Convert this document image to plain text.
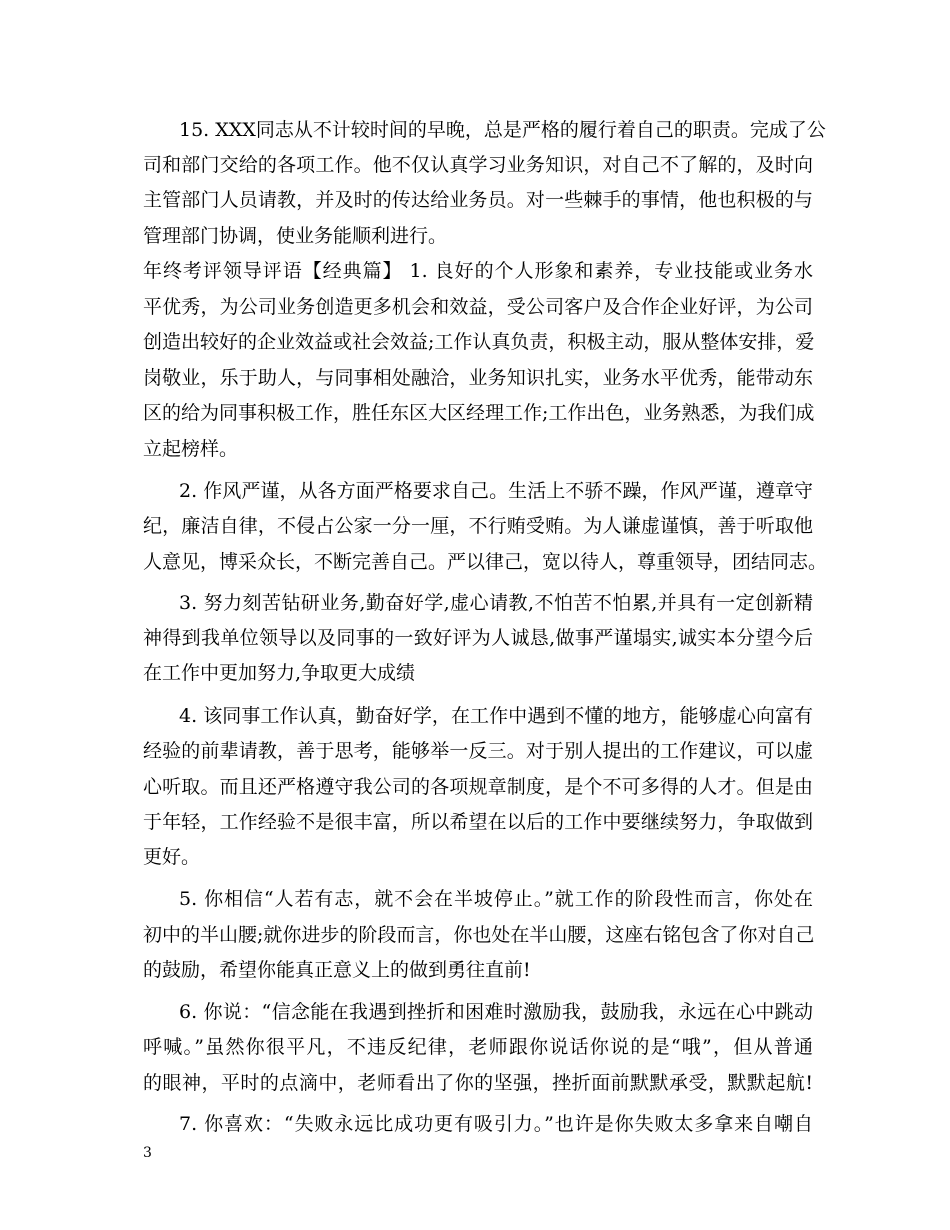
15. XXX同志从不计较时间的早晚，总是严格的履行着自己的职责。完成了公
司和部门交给的各项工作。他不仅认真学习业务知识，对自己不了解的，及时向
主管部门人员请教，并及时的传达给业务员。对一些棘手的事情，他也积极的与
管理部门协调，使业务能顺利进行。
年终考评领导评语【经典篇】 1. 良好的个人形象和素养，专业技能或业务水
平优秀，为公司业务创造更多机会和效益，受公司客户及合作企业好评，为公司
创造出较好的企业效益或社会效益;工作认真负责，积极主动，服从整体安排，爱
岗敬业，乐于助人，与同事相处融洽，业务知识扎实，业务水平优秀，能带动东
区的给为同事积极工作，胜任东区大区经理工作;工作出色，业务熟悉，为我们成
立起榜样。
2. 作风严谨，从各方面严格要求自己。生活上不骄不躁，作风严谨，遵章守
纪，廉洁自律，不侵占公家一分一厘，不行贿受贿。为人谦虚谨慎，善于听取他
人意见，博采众长，不断完善自己。严以律己，宽以待人，尊重领导，团结同志。
3. 努力刻苦钻研业务,勤奋好学,虚心请教,不怕苦不怕累,并具有一定创新精
神得到我单位领导以及同事的一致好评为人诚恳,做事严谨塌实,诚实本分望今后
在工作中更加努力,争取更大成绩
4. 该同事工作认真，勤奋好学，在工作中遇到不懂的地方，能够虚心向富有
经验的前辈请教，善于思考，能够举一反三。对于别人提出的工作建议，可以虚
心听取。而且还严格遵守我公司的各项规章制度，是个不可多得的人才。但是由
于年轻，工作经验不是很丰富，所以希望在以后的工作中要继续努力，争取做到
更好。
5. 你相信“人若有志，就不会在半坡停止。”就工作的阶段性而言，你处在
初中的半山腰;就你进步的阶段而言，你也处在半山腰，这座右铭包含了你对自己
的鼓励，希望你能真正意义上的做到勇往直前!
6. 你说：“信念能在我遇到挫折和困难时激励我，鼓励我，永远在心中跳动
呼喊。”虽然你很平凡，不违反纪律，老师跟你说话你说的是“哦”，但从普通
的眼神，平时的点滴中，老师看出了你的坚强，挫折面前默默承受，默默起航!
7. 你喜欢：“失败永远比成功更有吸引力。”也许是你失败太多拿来自嘲自
3
